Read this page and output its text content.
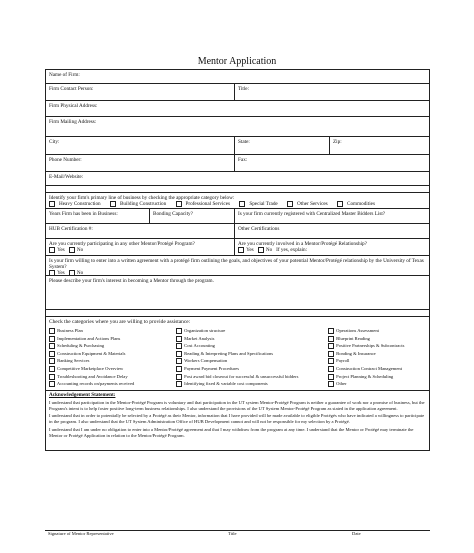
Mentor Application
Name of Firm:
Firm Contact Person:	Title:
Firm Physical Address:
Firm Mailing Address:
City:	State:	Zip:
Phone Number:	Fax:
E-Mail/Website:
Identify your firm's primary line of business by checking the appropriate category below:
Heavy Construction	Building Construction	Professional Services	Special Trade	Other Services	Commodities
Years Firm has been in Business:	Bonding Capacity?	Is your firm currently registered with Centralized Master Bidders List?
HUB Certification #:	Other Certifications
Are you currently participating in any other Mentor/Protégé Program?
Yes No
Are you currently involved in a Mentor/Protégé Relationship?
Yes No If yes, explain:
Is your firm willing to enter into a written agreement with a protégé firm outlining the goals, and objectives of your potential Mentor/Protégé relationship by the University of Texas System?
Yes No
Please describe your firm's interest in becoming a Mentor through the program.
Check the categories where you are willing to provide assistance:
Business Plan	Organization structure	Operations Assessment
Implementation and Actions Plans	Market Analysis	Blueprint Reading
Scheduling & Purchasing	Cost Accounting	Positive Partnerships & Subcontracts
Construction Equipment & Materials	Reading & Interpreting Plans and Specifications	Bonding & Insurance
Banking Services	Workers Compensation	Payroll
Competitive Marketplace Overview	Payment Payment Procedures	Construction Contract Management
Troubleshooting and Avoidance Delay	Post award bid closeout for successful & unsuccessful bidders	Project Planning & Scheduling
Accounting records on/payments received	Identifying fixed & variable cost components	Other
Acknowledgement Statement:

I understand that participation in the Mentor-Protégé Program is voluntary and that participation in the UT system Mentor-Protégé Program is neither a guarantee of work nor a promise of business, but the Program's intent is to help foster positive long-term business relationships. I also understand the provisions of the UT System Mentor-Protégé Program as stated in the application agreement.

I understand that in order to potentially be selected by a Protégé as their Mentor, information that I have provided will be made available to eligible Protégés who have indicated a willingness to participate in the program. I also understand that the UT System Administration Office of HUB Development cannot and will not be responsible for my selection by a Protégé.

I understand that I am under no obligation to enter into a Mentor/Protégé agreement and that I may withdraw from the program at any time. I understand that the Mentor or Protégé may terminate the Mentor or Protégé Application in relation to the Mentor/Protégé Program.

Signature of Mentor Representative	Title	Date
